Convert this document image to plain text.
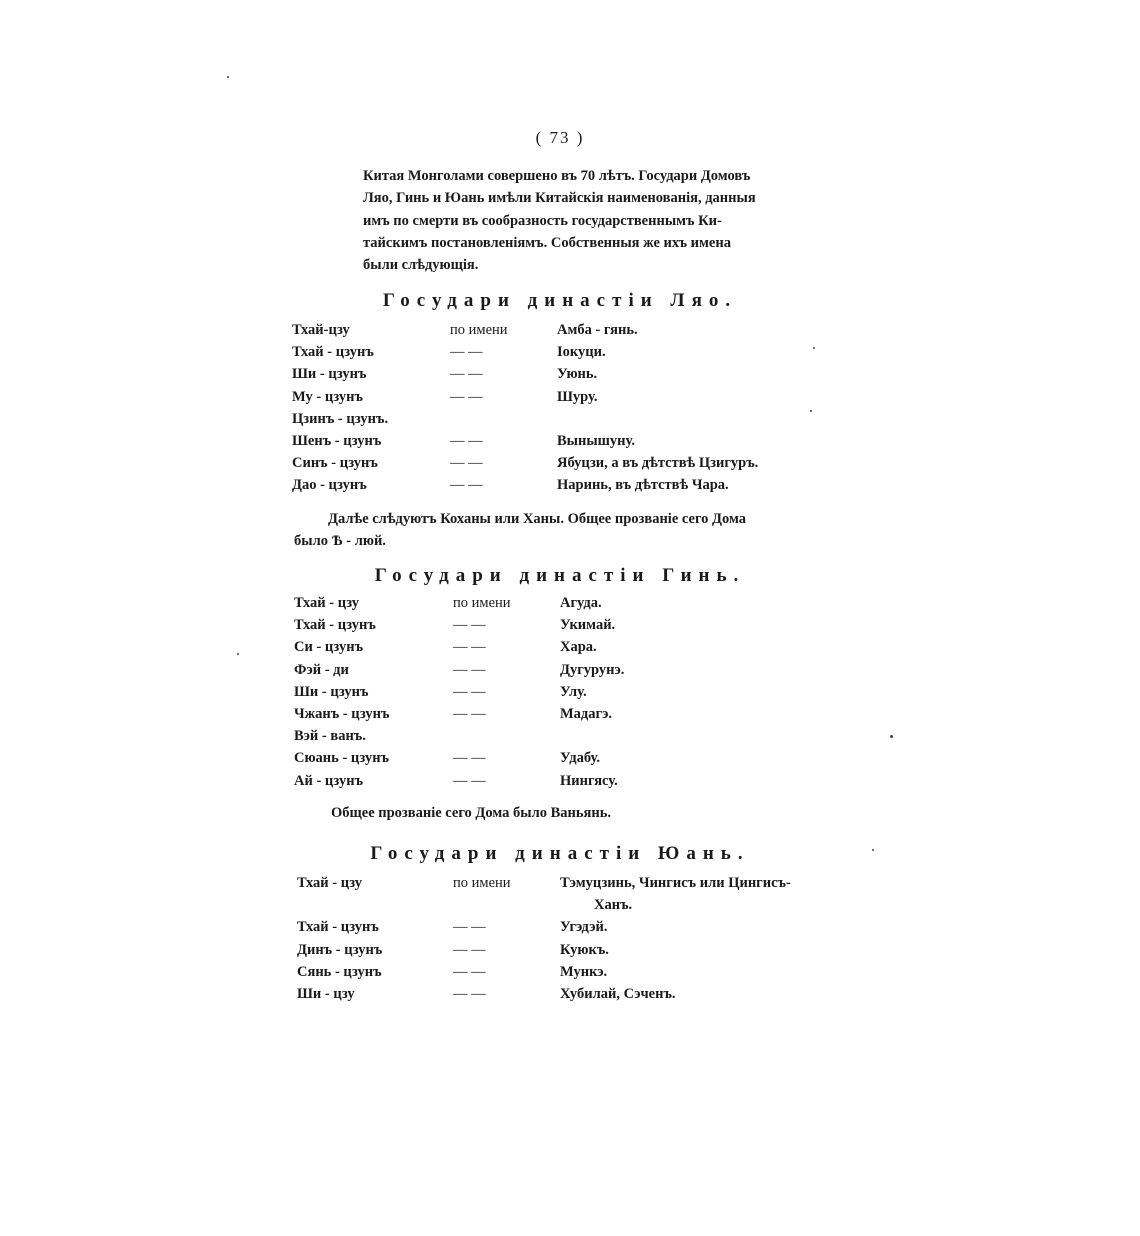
( 73 )
Китая Монголами совершено въ 70 лѣтъ. Государи Домовъ
Ляо, Гинь и Юань имѣли Китайскія наименованія, данныя
имъ по смерти въ сообразность государственнымъ Ки-
тайскимъ постановленіямъ. Собственныя же ихъ имена
были слѣдующія.
Государи династіи Ляо.
Тхай-цзу	по имени	Амба - гянь.
Тхай - цзунъ	— —	Іокуци.
Ши - цзунъ	— —	Уюнь.
Му - цзунъ	— —	Шуру.
Цзинъ - цзунъ.
Шенъ - цзунъ	— —	Вынышуну.
Синъ - цзунъ	— —	Ябуцзи, а въ дѣтствѣ Цзигуръ.
Дао - цзунъ	— —	Наринь, въ дѣтствѣ Чара.
Далѣе слѣдуютъ Коханы или Ханы. Общее прозваніе сего Дома
было Ѣ - люй.
Государи династіи Гинь.
Тхай - цзу	по имени	Агуда.
Тхай - цзунъ	— —	Укимай.
Си - цзунъ	— —	Хара.
Фэй - ди	— —	Дугурунэ.
Ши - цзунъ	— —	Улу.
Чжанъ - цзунъ	— —	Мадагэ.
Вэй - ванъ.
Сюань - цзунъ	— —	Удабу.
Ай - цзунъ	— —	Нингясу.
Общее прозваніе сего Дома было Ваньянь.
Государи династіи Юань.
Тхай - цзу	по имени	Тэмуцзинь, Чингисъ или Цингисъ-
Ханъ.
Тхай - цзунъ	— —	Угэдэй.
Динъ - цзунъ	— —	Куюкъ.
Сянь - цзунъ	— —	Мункэ.
Ши - цзу	— —	Хубилай, Сэченъ.
